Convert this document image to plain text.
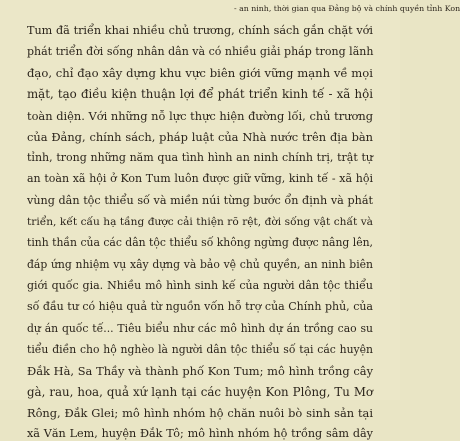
- an ninh, thời gian qua Đảng bộ và chính quyền tỉnh Kon
Tum đã triển khai nhiều chủ trương, chính sách gắn chặt với
phát triển đời sống nhân dân và có nhiều giải pháp trong lãnh
đạo, chỉ đạo xây dựng khu vực biên giới vững mạnh về mọi
mặt, tạo điều kiện thuận lợi để phát triển kinh tế - xã hội
toàn diện. Với những nỗ lực thực hiện đường lối, chủ trương
của Đảng, chính sách, pháp luật của Nhà nước trên địa bàn
tỉnh, trong những năm qua tình hình an ninh chính trị, trật tự
an toàn xã hội ở Kon Tum luôn được giữ vững, kinh tế - xã hội
vùng dân tộc thiểu số và miền núi từng bước ổn định và phát
triển, kết cấu hạ tầng được cải thiện rõ rệt, đời sống vật chất và
tinh thần của các dân tộc thiểu số không ngừng được nâng lên,
đáp ứng nhiệm vụ xây dựng và bảo vệ chủ quyền, an ninh biên
giới quốc gia. Nhiều mô hình sinh kế của người dân tộc thiểu
số đầu tư có hiệu quả từ nguồn vốn hỗ trợ của Chính phủ, của
dự án quốc tế... Tiêu biểu như các mô hình dự án trồng cao su
tiểu điền cho hộ nghèo là người dân tộc thiểu số tại các huyện
Đắk Hà, Sa Thầy và thành phố Kon Tum; mô hình trồng cây
gà, rau, hoa, quả xứ lạnh tại các huyện Kon Plông, Tu Mơ
Rông, Đắk Glei; mô hình nhóm hộ chăn nuôi bò sinh sản tại
xã Văn Lem, huyện Đắk Tô; mô hình nhóm hộ trồng sâm dây
